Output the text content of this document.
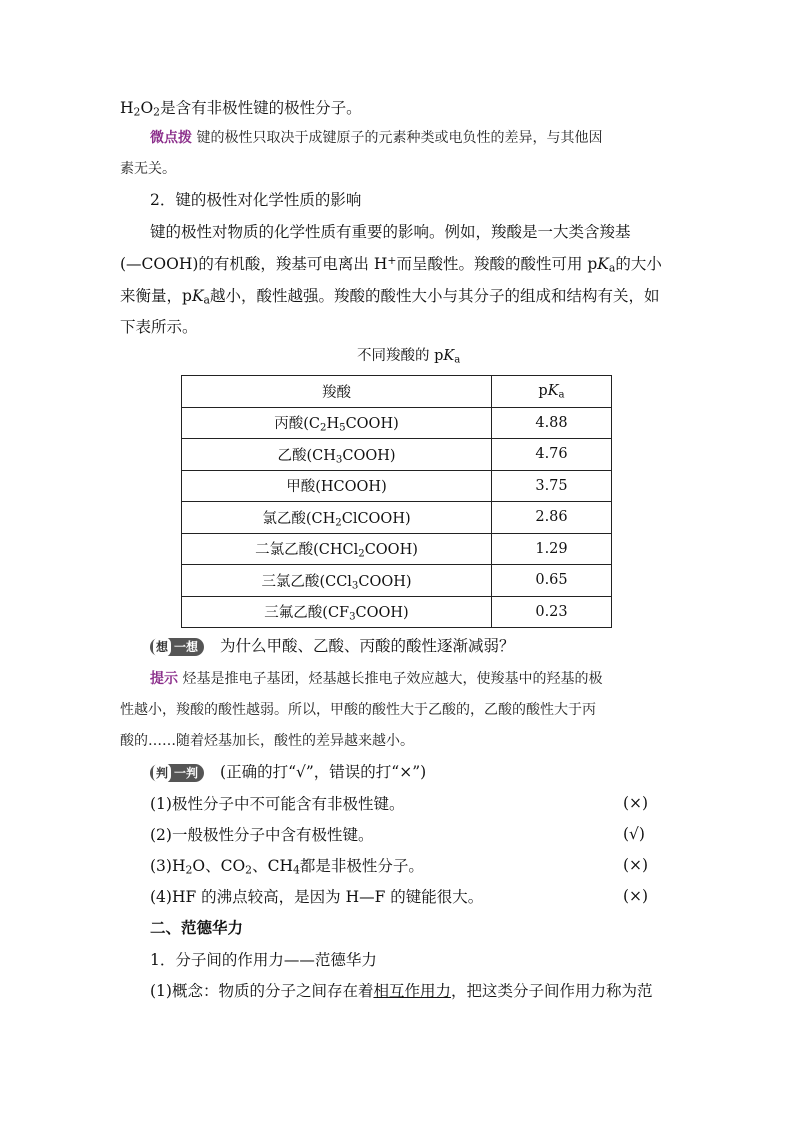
$H_2O_2$是含有非极性键的极性分子。
微点拨 键的极性只取决于成键原子的元素种类或电负性的差异，与其他因
素无关。
2．键的极性对化学性质的影响
键的极性对物质的化学性质有重要的影响。例如，羧酸是一大类含羧基
(—COOH)的有机酸，羧基可电离出 H+而呈酸性。羧酸的酸性可用 $pK_a$的大小
来衡量，$pK_a$越小，酸性越强。羧酸的酸性大小与其分子的组成和结构有关，如
下表所示。
不同羧酸的 $pK_a$
羧酸	$pK_a$
丙酸$(C_2H_5COOH)$	4.88
乙酸$(CH_3COOH)$	4.76
甲酸(HCOOH)	3.75
氯乙酸$(CH_2ClCOOH)$	2.86
二氯乙酸(CHCl$_2$COOH)	1.29
三氯乙酸(CCl$_3$COOH)	0.65
三氟乙酸$(CF_3COOH)$	0.23
想 一想 为什么甲酸、乙酸、丙酸的酸性逐渐减弱？
提示 烃基是推电子基团，烃基越长推电子效应越大，使羧基中的羟基的极
性越小，羧酸的酸性越弱。所以，甲酸的酸性大于乙酸的，乙酸的酸性大于丙
酸的……随着烃基加长，酸性的差异越来越小。
判 一判 (正确的打“√”，错误的打“×”)
(1)极性分子中不可能含有非极性键。	(×)
(2)一般极性分子中含有极性键。	(√)
$(3)H_2O$、$CO_2$、$CH_4$都是非极性分子。	(×)
(4)HF 的沸点较高，是因为 H—F 的键能很大。	(×)
二、范德华力
1．分子间的作用力——范德华力
(1)概念：物质的分子之间存在着相互作用力，把这类分子间作用力称为范
